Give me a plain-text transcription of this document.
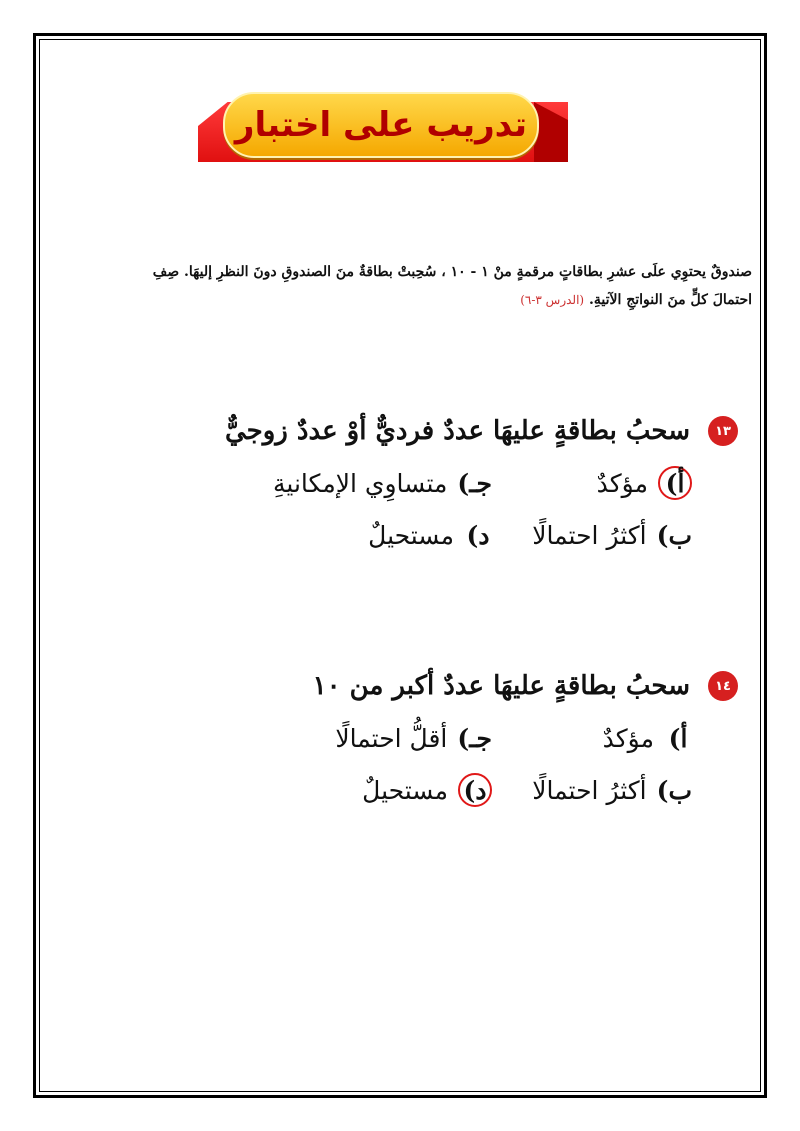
تدريب على اختبار
صندوقٌ يحتوِي علَى عشرِ بطاقاتٍ مرقمةٍ منْ ١ - ١٠ ، سُحِبتْ بطاقةٌ منَ الصندوقِ دونَ النظرِ إليهَا. صِفِ
احتمالَ كلٍّ منَ النواتجِ الآتيةِ. (الدرس ٣-٦)
١٣
سحبُ بطاقةٍ عليهَا عددٌ فرديٌّ أوْ عددٌ زوجيٌّ
أ)
مؤكدٌ
جـ)
متساوِي الإمكانيةِ
ب)
أكثرُ احتمالًا
د)
مستحيلٌ
١٤
سحبُ بطاقةٍ عليهَا عددٌ أكبر من ١٠
أ)
مؤكدٌ
جـ)
أقلُّ احتمالًا
ب)
أكثرُ احتمالًا
د)
مستحيلٌ
